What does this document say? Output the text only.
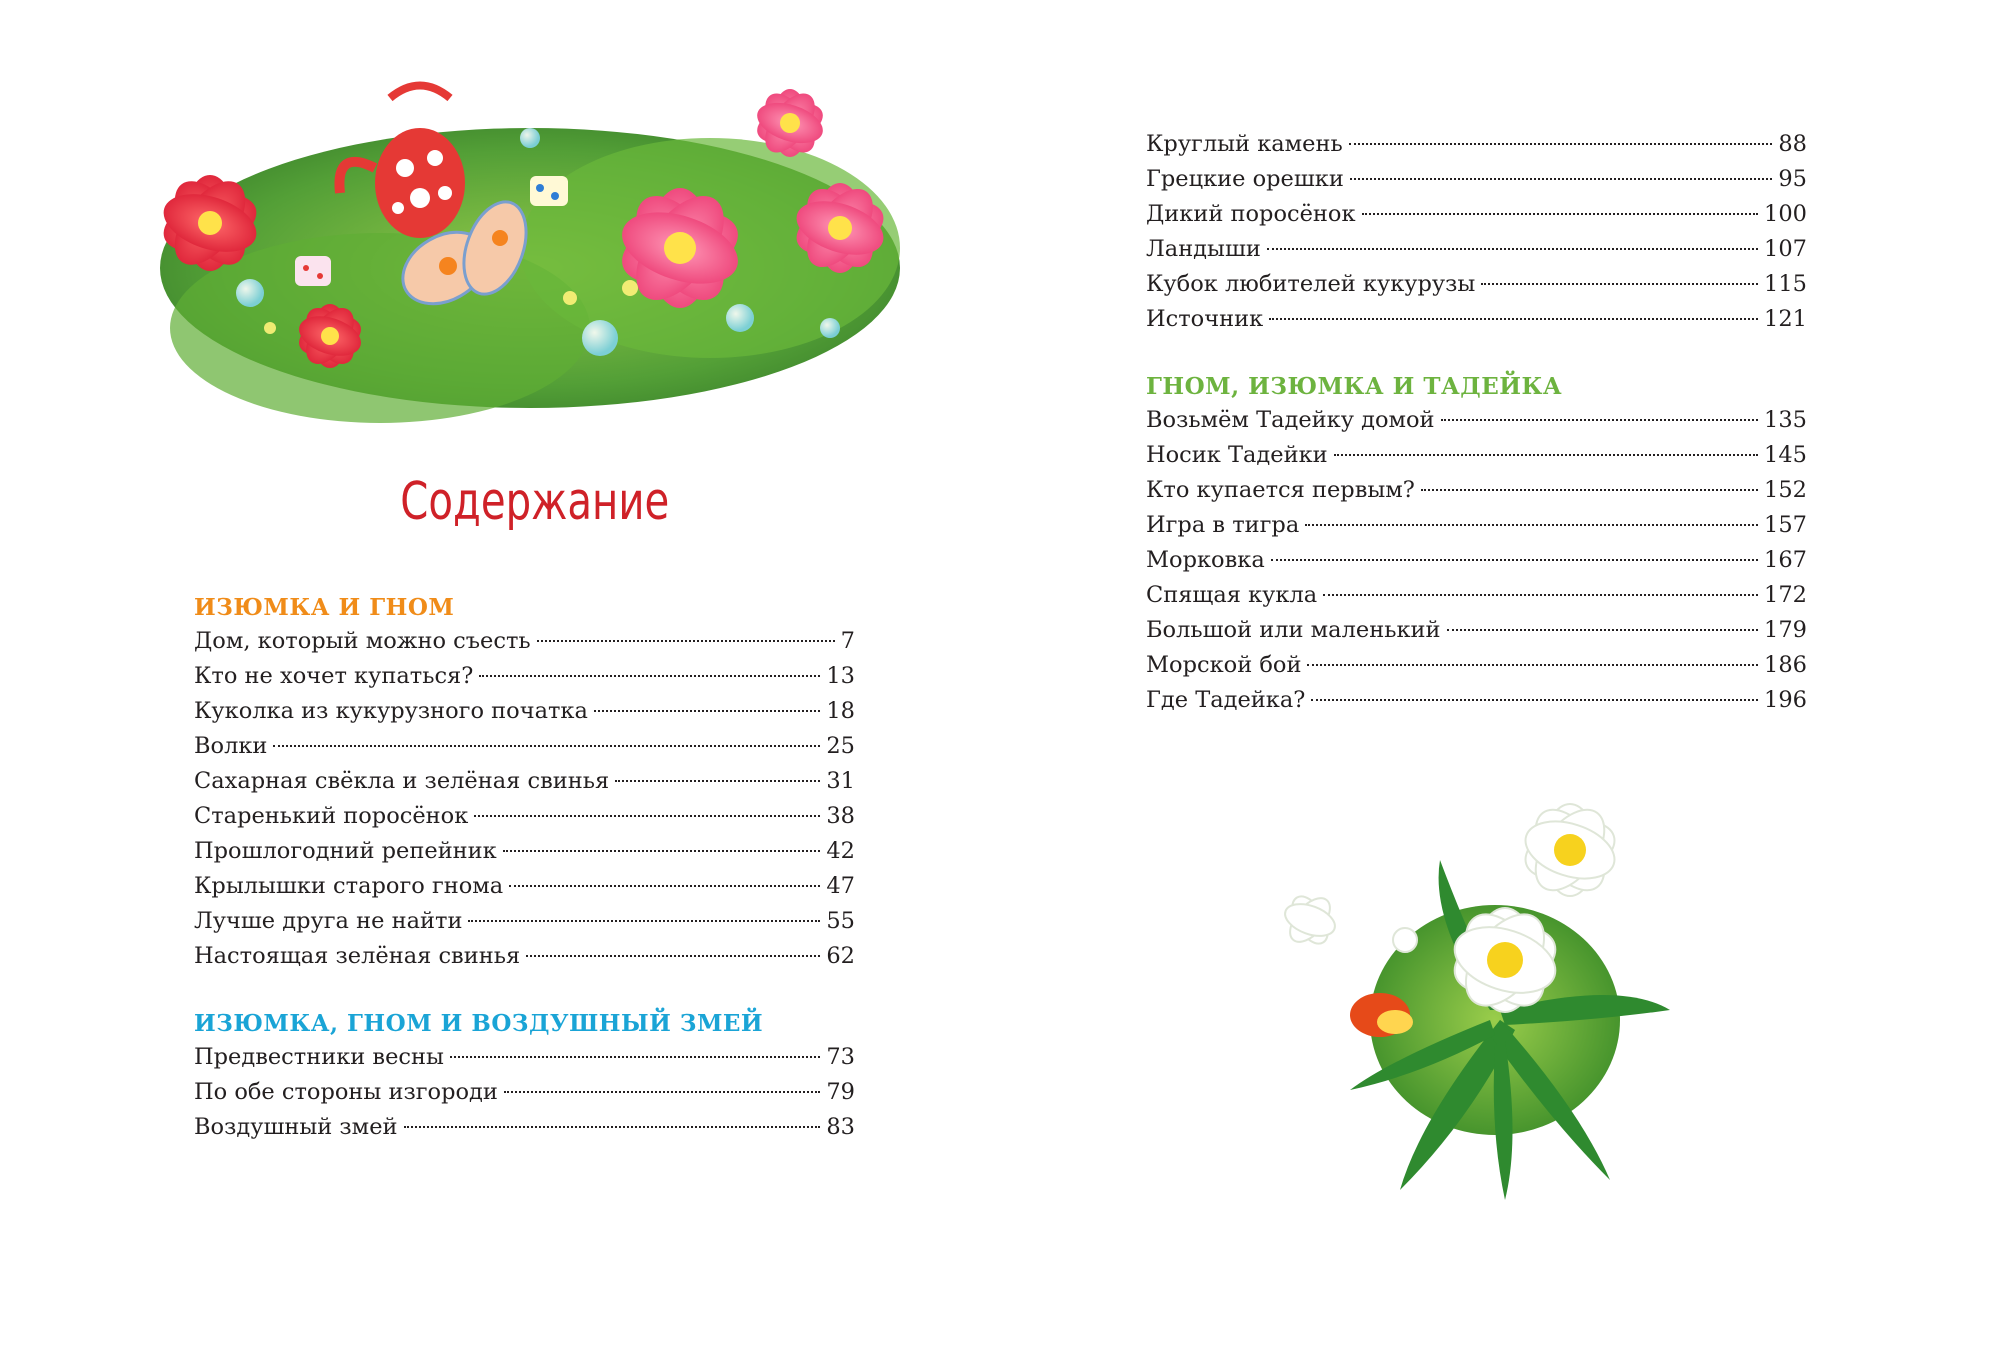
Содержание
ИЗЮМКА И ГНОМ
Дом, который можно съесть	7
Кто не хочет купаться?	13
Куколка из кукурузного початка	18
Волки	25
Сахарная свёкла и зелёная свинья	31
Старенький поросёнок	38
Прошлогодний репейник	42
Крылышки старого гнома	47
Лучше друга не найти	55
Настоящая зелёная свинья	62
ИЗЮМКА, ГНОМ И ВОЗДУШНЫЙ ЗМЕЙ
Предвестники весны	73
По обе стороны изгороди	79
Воздушный змей	83
Круглый камень	88
Грецкие орешки	95
Дикий поросёнок	100
Ландыши	107
Кубок любителей кукурузы	115
Источник	121
ГНОМ, ИЗЮМКА И ТАДЕЙКА
Возьмём Тадейку домой	135
Носик Тадейки	145
Кто купается первым?	152
Игра в тигра	157
Морковка	167
Спящая кукла	172
Большой или маленький	179
Морской бой	186
Где Тадейка?	196
